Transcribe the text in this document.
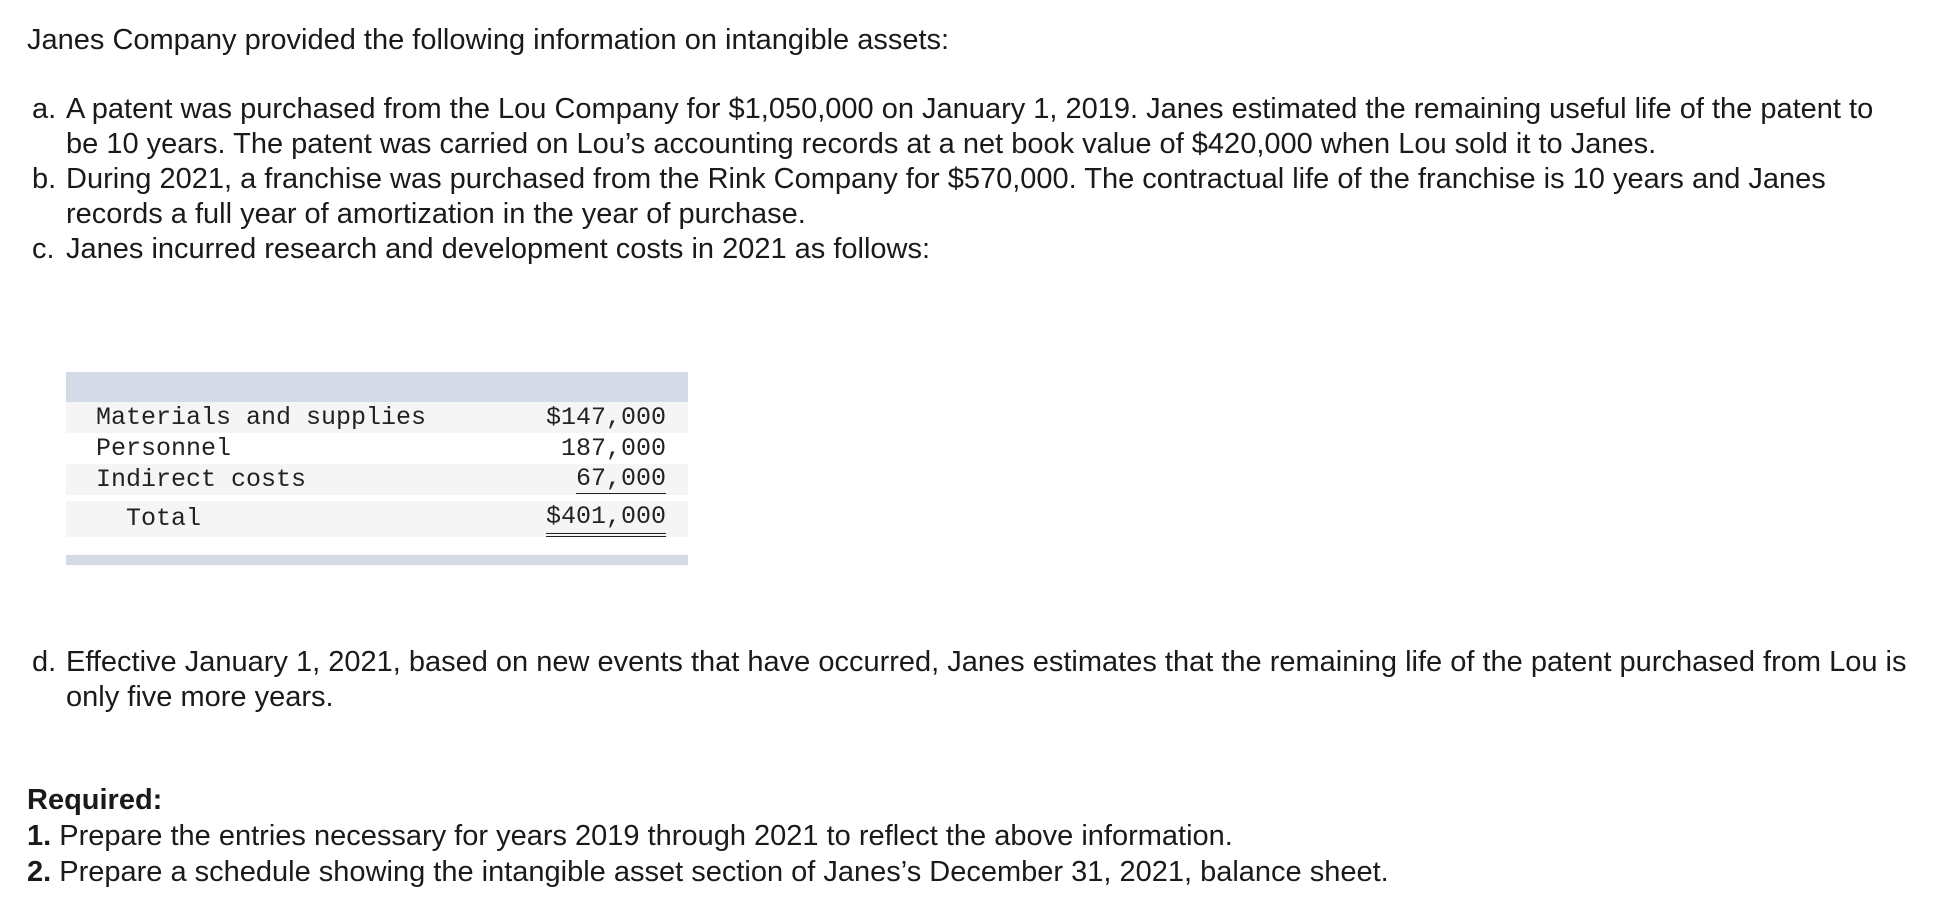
Janes Company provided the following information on intangible assets:
a. A patent was purchased from the Lou Company for $1,050,000 on January 1, 2019. Janes estimated the remaining useful life of the patent to be 10 years. The patent was carried on Lou’s accounting records at a net book value of $420,000 when Lou sold it to Janes.
b. During 2021, a franchise was purchased from the Rink Company for $570,000. The contractual life of the franchise is 10 years and Janes records a full year of amortization in the year of purchase.
c. Janes incurred research and development costs in 2021 as follows:
Materials and supplies	$147,000
Personnel	187,000
Indirect costs	67,000
Total	$401,000
d. Effective January 1, 2021, based on new events that have occurred, Janes estimates that the remaining life of the patent purchased from Lou is only five more years.
Required:
1. Prepare the entries necessary for years 2019 through 2021 to reflect the above information.
2. Prepare a schedule showing the intangible asset section of Janes’s December 31, 2021, balance sheet.
